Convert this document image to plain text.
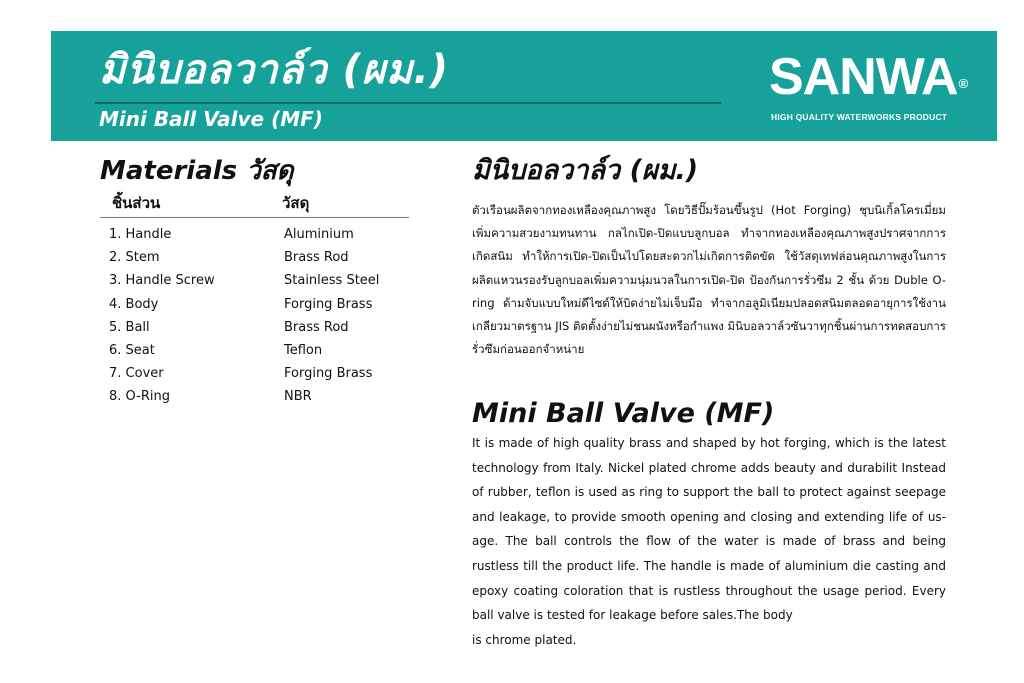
มินิบอลวาล์ว (ผม.)
Mini Ball Valve (MF)
SANWA®
HIGH QUALITY WATERWORKS PRODUCT
Materials วัสดุ
ชิ้นส่วน	วัสดุ
1. Handle	Aluminium
2. Stem	Brass Rod
3. Handle Screw	Stainless Steel
4. Body	Forging Brass
5. Ball	Brass Rod
6. Seat	Teflon
7. Cover	Forging Brass
8. O-Ring	NBR
มินิบอลวาล์ว (ผม.)
ตัวเรือนผลิตจากทองเหลืองคุณภาพสูง โดยวิธีปั๊มร้อนขึ้นรูป (Hot Forging) ชุบนิเกิ้ลโครเมี่ยมเพิ่มความสวยงามทนทาน กลไกเปิด-ปิดแบบลูกบอล ทำจากทองเหลืองคุณภาพสูงปราศจากการเกิดสนิม ทำให้การเปิด-ปิดเป็นไปโดยสะดวกไม่เกิดการติดขัด ใช้วัสดุเทฟล่อนคุณภาพสูงในการผลิตแหวนรองรับลูกบอลเพิ่มความนุ่มนวลในการเปิด-ปิด ป้องกันการรั่วซึม 2 ชั้น ด้วย Duble O-ring ด้ามจับแบบใหม่ดีไซด์ให้บิดง่ายไม่เจ็บมือ ทำจากอลูมิเนียมปลอดสนิมตลอดอายุการใช้งาน เกลียวมาตรฐาน JIS ติดตั้งง่ายไม่ชนผนังหรือกำแพง มินิบอลวาล์วซันวาทุกชิ้นผ่านการทดสอบการรั่วซึมก่อนออกจำหน่าย
Mini Ball Valve (MF)
It is made of high quality brass and shaped by hot forging, which is the latest technology from Italy. Nickel plated chrome adds beauty and durabilit Instead of rubber, teflon is used as ring to support the ball to protect against seepage and leakage, to provide smooth opening and closing and extending life of us-age. The ball controls the flow of the water is made of brass and being rustless till the product life. The handle is made of aluminium die casting and epoxy coating coloration that is rustless throughout the usage period. Every ball valve is tested for leakage before sales.The body
is chrome plated.
